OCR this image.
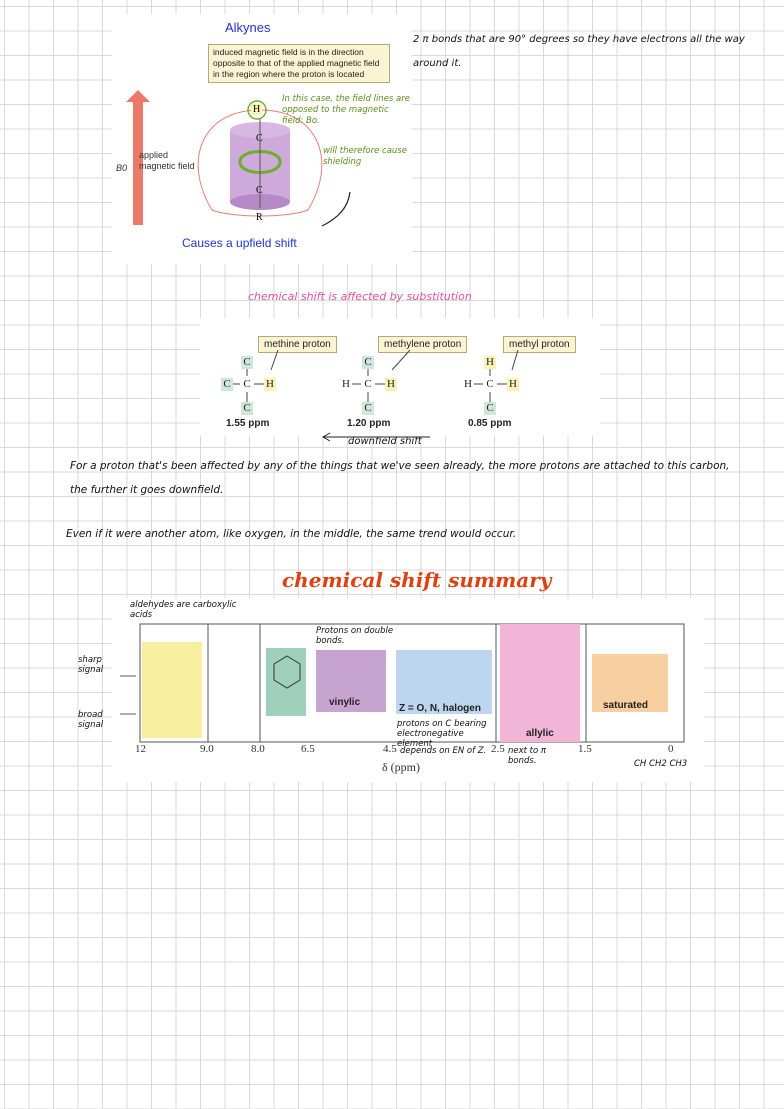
Alkynes
induced magnetic field is in the direction opposite to that of the applied magnetic field in the region where the proton is located
H
C
C
R
applied magnetic field
B0
In this case, the field lines are opposed to the magnetic field: Bo.
will therefore cause shielding
Causes a upfield shift
2 π bonds that are 90° degrees so they have electrons all the way around it.
chemical shift is affected by substitution
methine proton	methylene proton	methyl proton
C
C C H
C
C
H C H
C
H
H C H
C
1.55 ppm	1.20 ppm	0.85 ppm
downfield shift
For a proton that's been affected by any of the things that we've seen already, the more protons are attached to this carbon, the further it goes downfield.
Even if it were another atom, like oxygen, in the middle, the same trend would occur.
chemical shift summary
aldehydes are carboxylic acids
sharp signal
broad signal
vinylic
Z = O, N, halogen
allylic
saturated
Protons on double bonds.
protons on C bearing electronegative element
depends on EN of Z.	next to π bonds.	CH CH2 CH3
12	9.0	8.0	6.5	4.5	2.5	1.5	0
δ (ppm)
